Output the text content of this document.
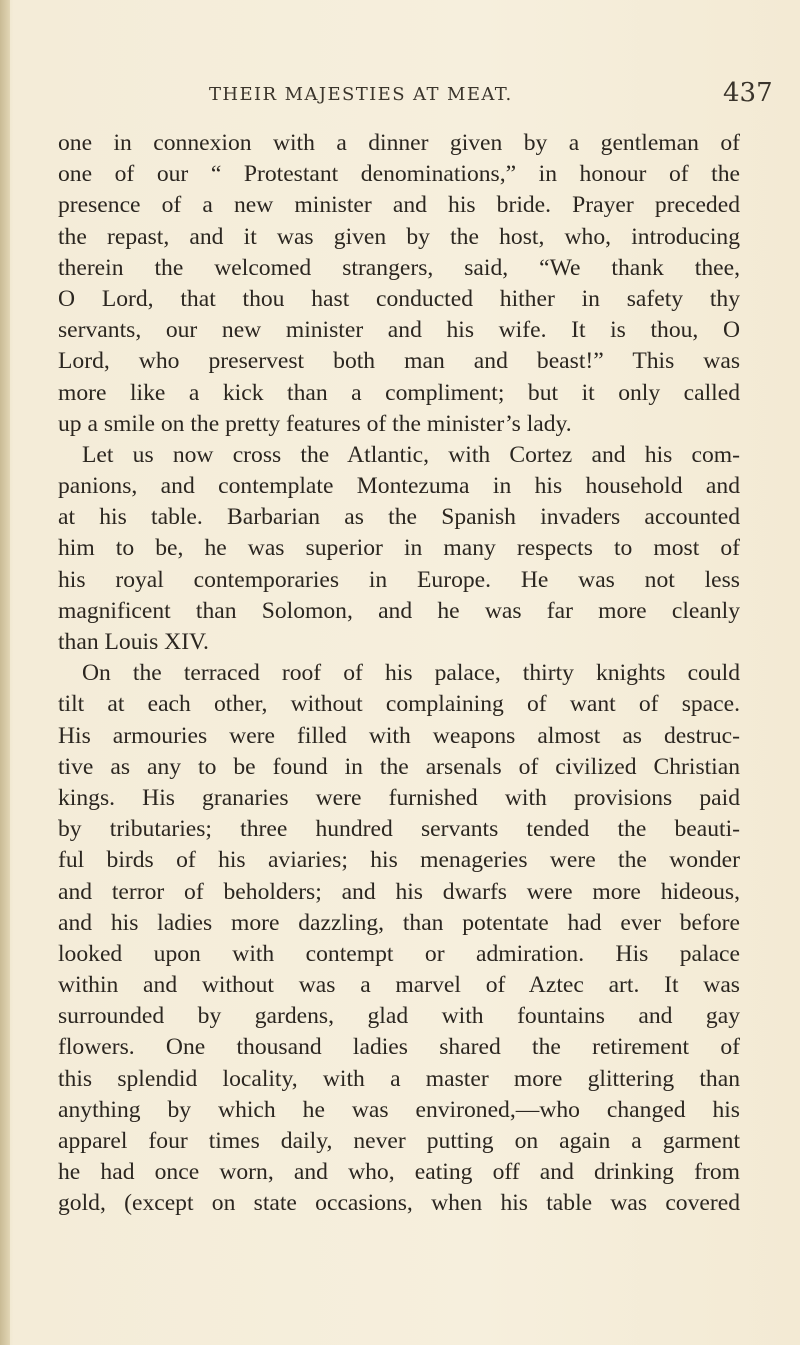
THEIR MAJESTIES AT MEAT.	437
one in connexion with a dinner given by a gentleman of
one of our “ Protestant denominations,” in honour of the
presence of a new minister and his bride. Prayer preceded
the repast, and it was given by the host, who, introducing
therein the welcomed strangers, said, “We thank thee,
O Lord, that thou hast conducted hither in safety thy
servants, our new minister and his wife. It is thou, O
Lord, who preservest both man and beast!” This was
more like a kick than a compliment; but it only called
up a smile on the pretty features of the minister’s lady.
Let us now cross the Atlantic, with Cortez and his com-
panions, and contemplate Montezuma in his household and
at his table. Barbarian as the Spanish invaders accounted
him to be, he was superior in many respects to most of
his royal contemporaries in Europe. He was not less
magnificent than Solomon, and he was far more cleanly
than Louis XIV.
On the terraced roof of his palace, thirty knights could
tilt at each other, without complaining of want of space.
His armouries were filled with weapons almost as destruc-
tive as any to be found in the arsenals of civilized Christian
kings. His granaries were furnished with provisions paid
by tributaries; three hundred servants tended the beauti-
ful birds of his aviaries; his menageries were the wonder
and terror of beholders; and his dwarfs were more hideous,
and his ladies more dazzling, than potentate had ever before
looked upon with contempt or admiration. His palace
within and without was a marvel of Aztec art. It was
surrounded by gardens, glad with fountains and gay
flowers. One thousand ladies shared the retirement of
this splendid locality, with a master more glittering than
anything by which he was environed,—who changed his
apparel four times daily, never putting on again a garment
he had once worn, and who, eating off and drinking from
gold, (except on state occasions, when his table was covered
